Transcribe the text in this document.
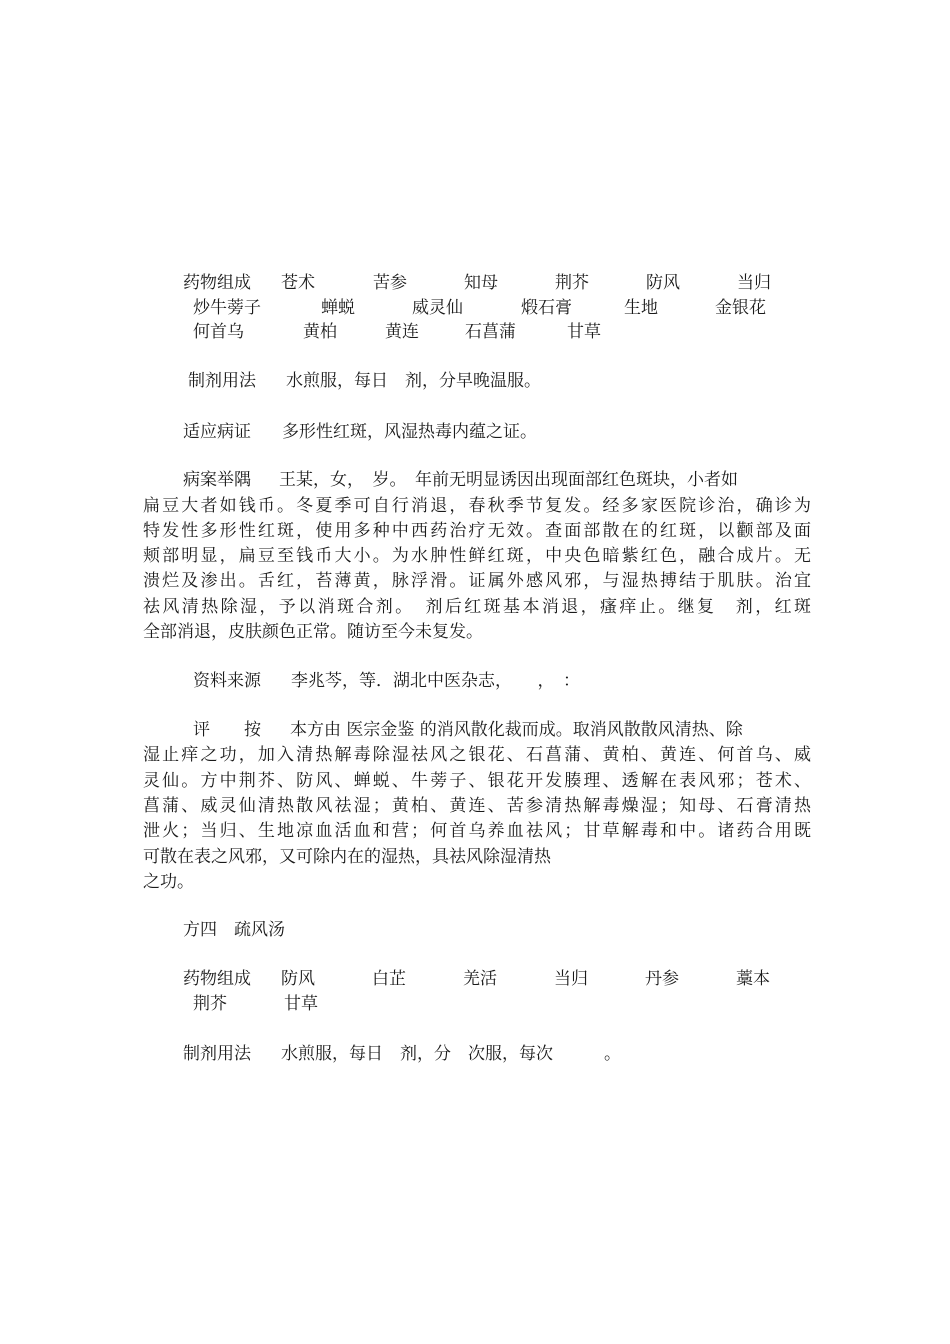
药物组成 苍术	苦参	知母	荆芥	防风	当归
炒牛蒡子	蝉蜕	威灵仙	煅石膏	生地	金银花
何首乌	黄柏	黄连	石菖蒲	甘草
制剂用法 水煎服，每日　剂，分早晚温服。
适应病证 多形性红斑，风湿热毒内蕴之证。
病案举隅 王某，女，　岁。　年前无明显诱因出现面部红色斑块，小者如
扁豆大者如钱币。冬夏季可自行消退，春秋季节复发。经多家医院诊治，确诊为
特发性多形性红斑，使用多种中西药治疗无效。查面部散在的红斑，以颧部及面
颊部明显，扁豆至钱币大小。为水肿性鲜红斑，中央色暗紫红色，融合成片。无
溃烂及渗出。舌红，苔薄黄，脉浮滑。证属外感风邪，与湿热搏结于肌肤。治宜
祛风清热除湿，予以消斑合剂。　剂后红斑基本消退，瘙痒止。继复　剂，红斑
全部消退，皮肤颜色正常。随访至今未复发。
资料来源 李兆芩，等．湖北中医杂志，　　，　：
评　　按 本方由 医宗金鉴 的消风散化裁而成。取消风散散风清热、除
湿止痒之功，加入清热解毒除湿祛风之银花、石菖蒲、黄柏、黄连、何首乌、威
灵仙。方中荆芥、防风、蝉蜕、牛蒡子、银花开发腠理、透解在表风邪；苍术、
菖蒲、威灵仙清热散风祛湿；黄柏、黄连、苦参清热解毒燥湿；知母、石膏清热
泄火；当归、生地凉血活血和营；何首乌养血祛风；甘草解毒和中。诸药合用既
可散在表之风邪，又可除内在的湿热，具祛风除湿清热
之功。
方四　疏风汤
药物组成 防风	白芷	羌活	当归	丹参	藁本
荆芥	甘草
制剂用法 水煎服，每日　剂，分　次服，每次　　　。
